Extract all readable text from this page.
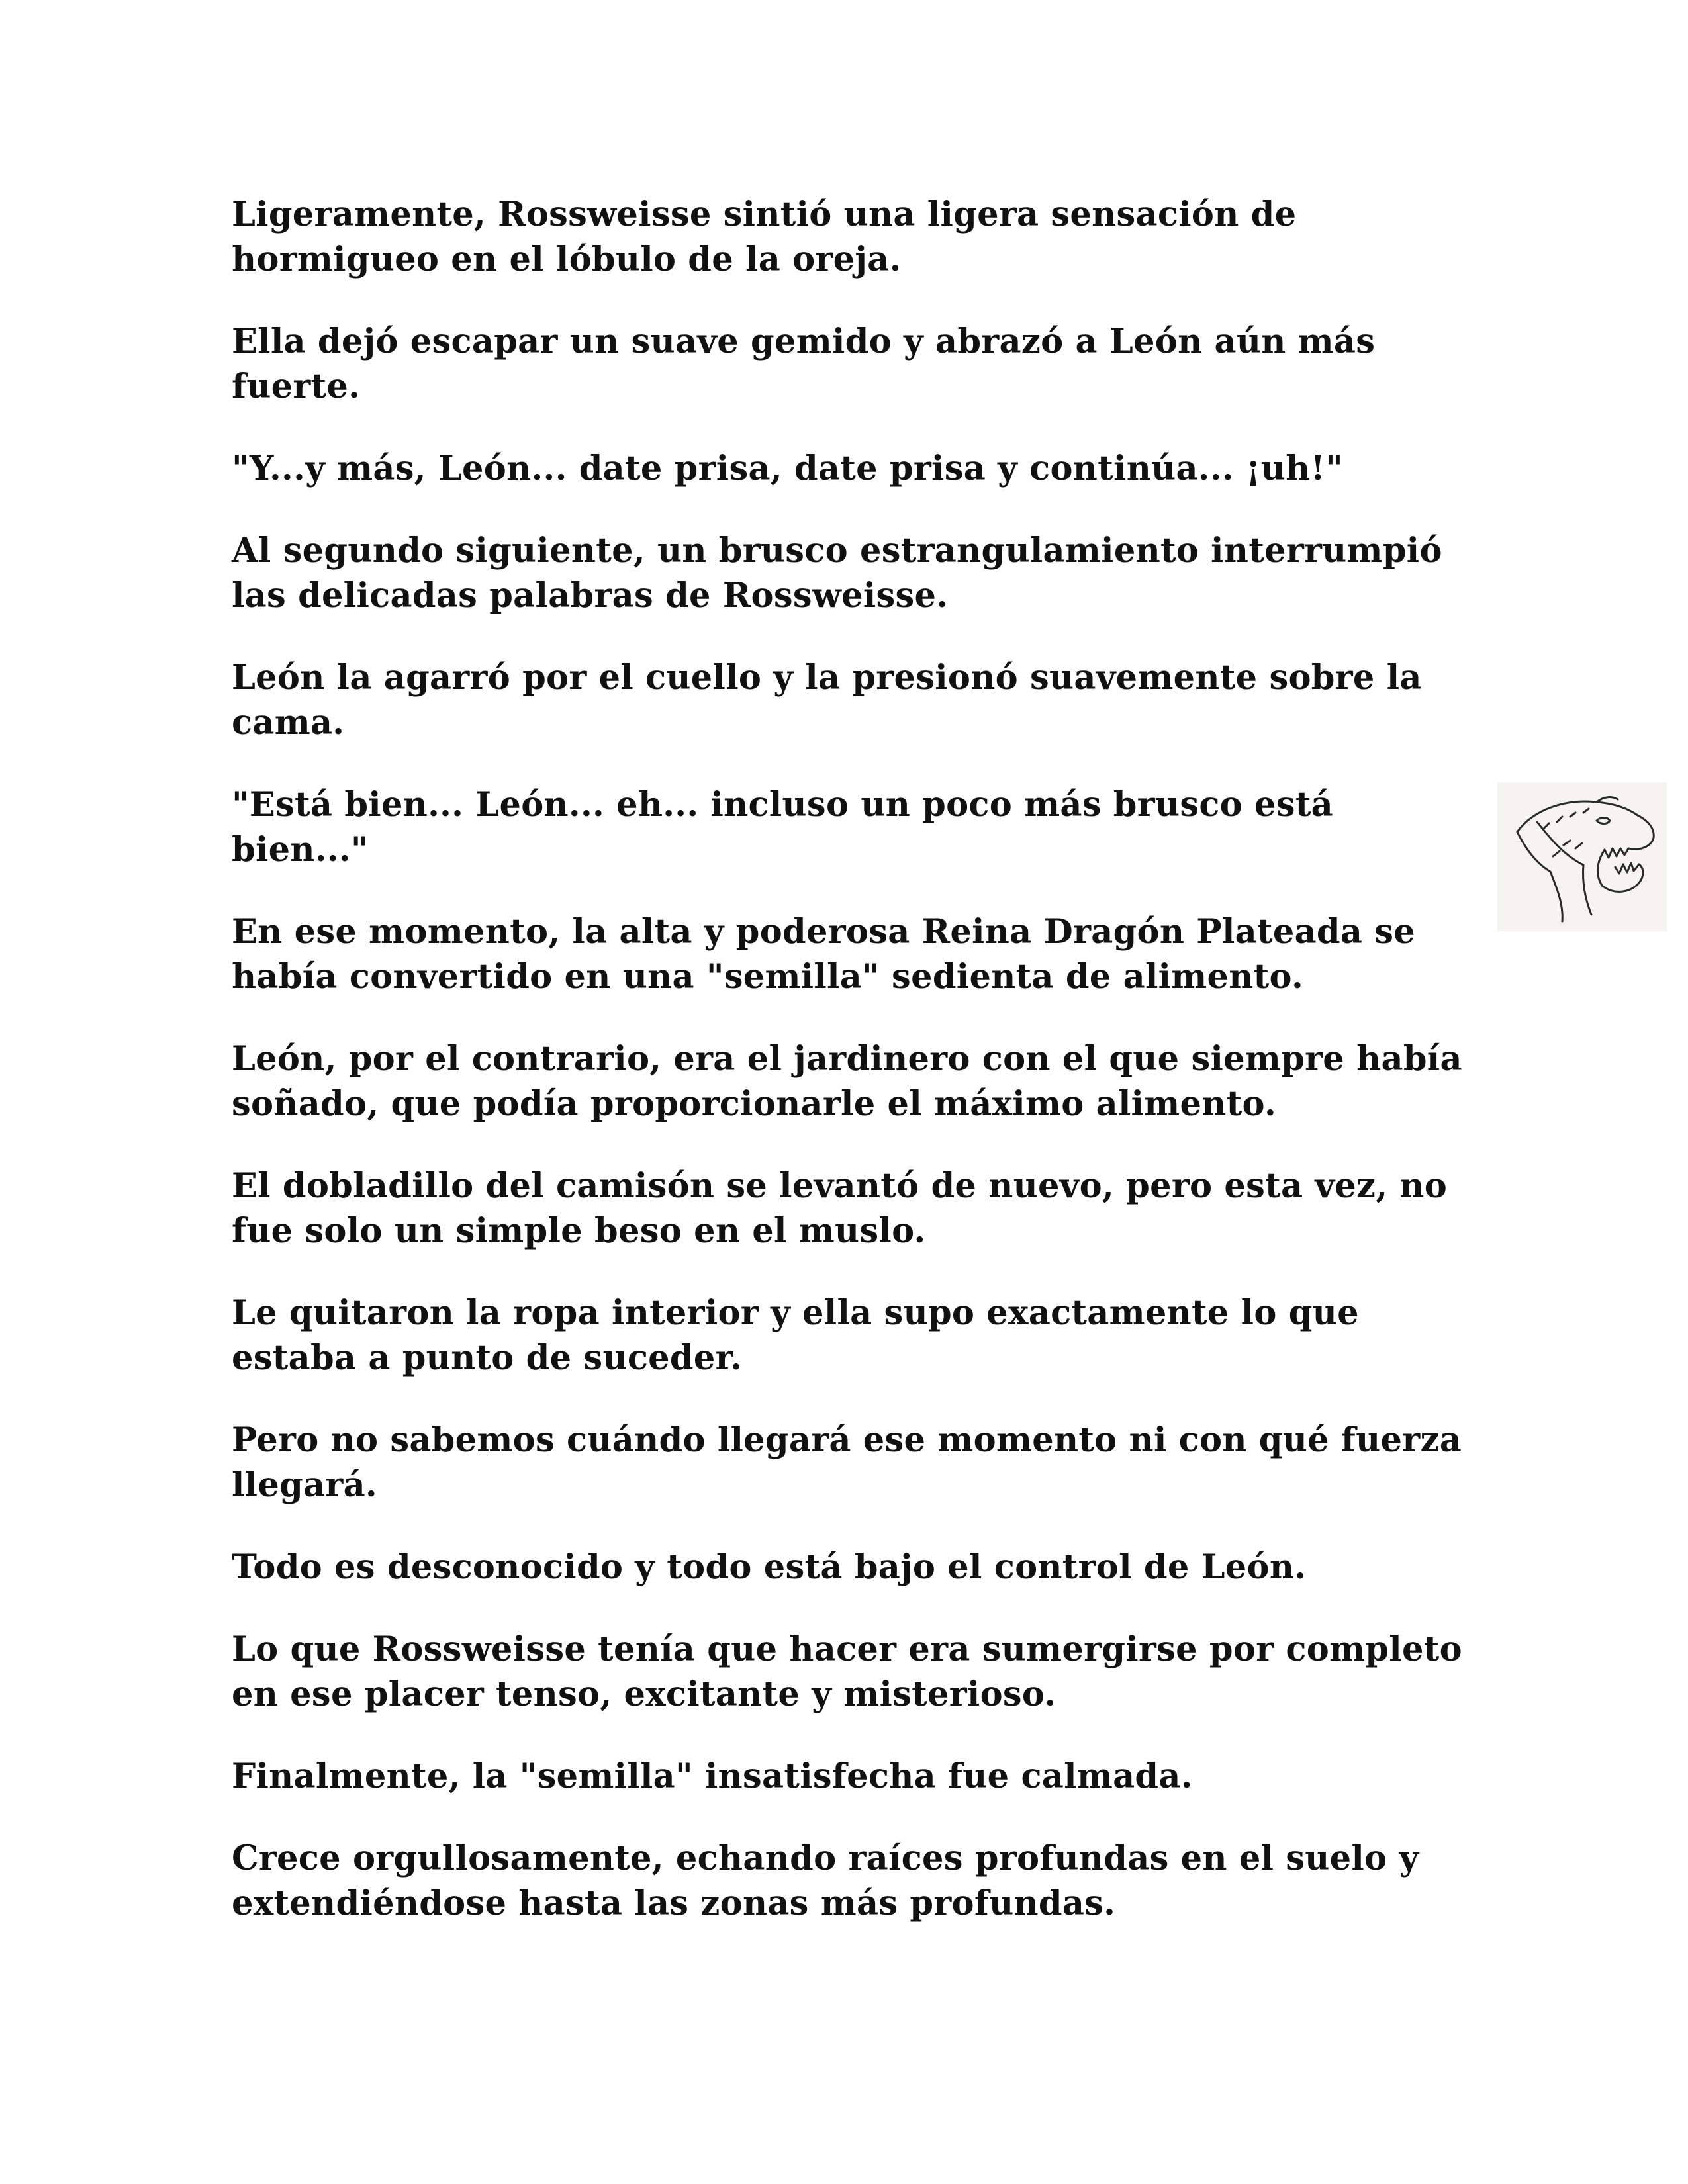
Ligeramente, Rossweisse sintió una ligera sensación de hormigueo en el lóbulo de la oreja.

Ella dejó escapar un suave gemido y abrazó a León aún más fuerte.

"Y...y más, León... date prisa, date prisa y continúa... ¡uh!"

Al segundo siguiente, un brusco estrangulamiento interrumpió las delicadas palabras de Rossweisse.

León la agarró por el cuello y la presionó suavemente sobre la cama.

"Está bien... León... eh... incluso un poco más brusco está bien..."

En ese momento, la alta y poderosa Reina Dragón Plateada se había convertido en una "semilla" sedienta de alimento.

León, por el contrario, era el jardinero con el que siempre había soñado, que podía proporcionarle el máximo alimento.

El dobladillo del camisón se levantó de nuevo, pero esta vez, no fue solo un simple beso en el muslo.

Le quitaron la ropa interior y ella supo exactamente lo que estaba a punto de suceder.

Pero no sabemos cuándo llegará ese momento ni con qué fuerza llegará.

Todo es desconocido y todo está bajo el control de León.

Lo que Rossweisse tenía que hacer era sumergirse por completo en ese placer tenso, excitante y misterioso.

Finalmente, la "semilla" insatisfecha fue calmada.

Crece orgullosamente, echando raíces profundas en el suelo y extendiéndose hasta las zonas más profundas.
